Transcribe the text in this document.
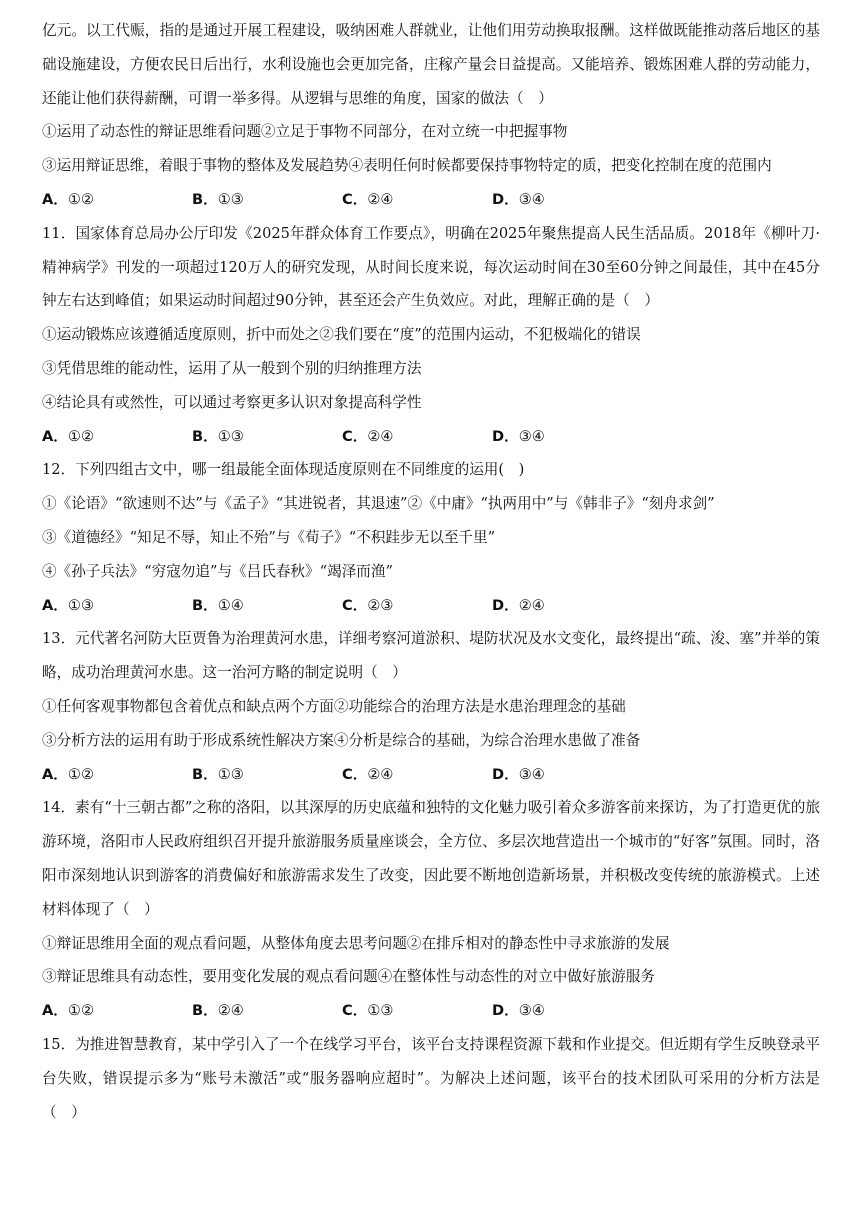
亿元。以工代赈，指的是通过开展工程建设，吸纳困难人群就业，让他们用劳动换取报酬。这样做既能推动落后地区的基础设施建设，方便农民日后出行，水利设施也会更加完备，庄稼产量会日益提高。又能培养、锻炼困难人群的劳动能力，还能让他们获得薪酬，可谓一举多得。从逻辑与思维的角度，国家的做法（　）

①运用了动态性的辩证思维看问题②立足于事物不同部分，在对立统一中把握事物

③运用辩证思维，着眼于事物的整体及发展趋势④表明任何时候都要保持事物特定的质，把变化控制在度的范围内

A．①②	B．①③	C．②④	D．③④

11．国家体育总局办公厅印发《2025年群众体育工作要点》，明确在2025年聚焦提高人民生活品质。2018年《柳叶刀·精神病学》刊发的一项超过120万人的研究发现，从时间长度来说，每次运动时间在30至60分钟之间最佳，其中在45分钟左右达到峰值；如果运动时间超过90分钟，甚至还会产生负效应。对此，理解正确的是（　）

①运动锻炼应该遵循适度原则，折中而处之②我们要在“度”的范围内运动，不犯极端化的错误

③凭借思维的能动性，运用了从一般到个别的归纳推理方法

④结论具有或然性，可以通过考察更多认识对象提高科学性

A．①②	B．①③	C．②④	D．③④

12．下列四组古文中，哪一组最能全面体现适度原则在不同维度的运用(　)

①《论语》“欲速则不达”与《孟子》“其进锐者，其退速”②《中庸》“执两用中”与《韩非子》“刻舟求剑”

③《道德经》“知足不辱，知止不殆”与《荀子》“不积跬步无以至千里”

④《孙子兵法》“穷寇勿追”与《吕氏春秋》“竭泽而渔”

A．①③	B．①④	C．②③	D．②④

13．元代著名河防大臣贾鲁为治理黄河水患，详细考察河道淤积、堤防状况及水文变化，最终提出“疏、浚、塞”并举的策略，成功治理黄河水患。这一治河方略的制定说明（　）

①任何客观事物都包含着优点和缺点两个方面②功能综合的治理方法是水患治理理念的基础

③分析方法的运用有助于形成系统性解决方案④分析是综合的基础，为综合治理水患做了准备

A．①②	B．①③	C．②④	D．③④

14．素有“十三朝古都”之称的洛阳，以其深厚的历史底蕴和独特的文化魅力吸引着众多游客前来探访，为了打造更优的旅游环境，洛阳市人民政府组织召开提升旅游服务质量座谈会，全方位、多层次地营造出一个城市的“好客”氛围。同时，洛阳市深刻地认识到游客的消费偏好和旅游需求发生了改变，因此要不断地创造新场景，并积极改变传统的旅游模式。上述材料体现了（　）

①辩证思维用全面的观点看问题，从整体角度去思考问题②在排斥相对的静态性中寻求旅游的发展

③辩证思维具有动态性，要用变化发展的观点看问题④在整体性与动态性的对立中做好旅游服务

A．①②	B．②④	C．①③	D．③④

15．为推进智慧教育，某中学引入了一个在线学习平台，该平台支持课程资源下载和作业提交。但近期有学生反映登录平台失败，错误提示多为“账号未激活”或“服务器响应超时”。为解决上述问题，该平台的技术团队可采用的分析方法是（　）
